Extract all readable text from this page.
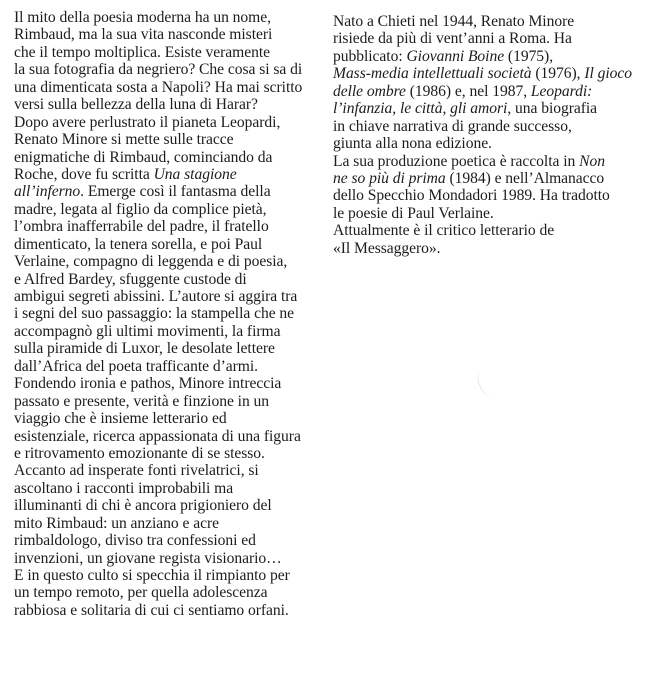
Il mito della poesia moderna ha un nome,
Rimbaud, ma la sua vita nasconde misteri
che il tempo moltiplica. Esiste veramente
la sua fotografia da negriero? Che cosa si sa di
una dimenticata sosta a Napoli? Ha mai scritto
versi sulla bellezza della luna di Harar?
Dopo avere perlustrato il pianeta Leopardi,
Renato Minore si mette sulle tracce
enigmatiche di Rimbaud, cominciando da
Roche, dove fu scritta Una stagione
all’inferno. Emerge così il fantasma della
madre, legata al figlio da complice pietà,
l’ombra inafferrabile del padre, il fratello
dimenticato, la tenera sorella, e poi Paul
Verlaine, compagno di leggenda e di poesia,
e Alfred Bardey, sfuggente custode di
ambigui segreti abissini. L’autore si aggira tra
i segni del suo passaggio: la stampella che ne
accompagnò gli ultimi movimenti, la firma
sulla piramide di Luxor, le desolate lettere
dall’Africa del poeta trafficante d’armi.
Fondendo ironia e pathos, Minore intreccia
passato e presente, verità e finzione in un
viaggio che è insieme letterario ed
esistenziale, ricerca appassionata di una figura
e ritrovamento emozionante di se stesso.
Accanto ad insperate fonti rivelatrici, si
ascoltano i racconti improbabili ma
illuminanti di chi è ancora prigioniero del
mito Rimbaud: un anziano e acre
rimbaldologo, diviso tra confessioni ed
invenzioni, un giovane regista visionario…
E in questo culto si specchia il rimpianto per
un tempo remoto, per quella adolescenza
rabbiosa e solitaria di cui ci sentiamo orfani.
Nato a Chieti nel 1944, Renato Minore
risiede da più di vent’anni a Roma. Ha
pubblicato: Giovanni Boine (1975),
Mass-media intellettuali società (1976), Il gioco
delle ombre (1986) e, nel 1987, Leopardi:
l’infanzia, le città, gli amori, una biografia
in chiave narrativa di grande successo,
giunta alla nona edizione.
La sua produzione poetica è raccolta in Non
ne so più di prima (1984) e nell’Almanacco
dello Specchio Mondadori 1989. Ha tradotto
le poesie di Paul Verlaine.
Attualmente è il critico letterario de
«Il Messaggero».
